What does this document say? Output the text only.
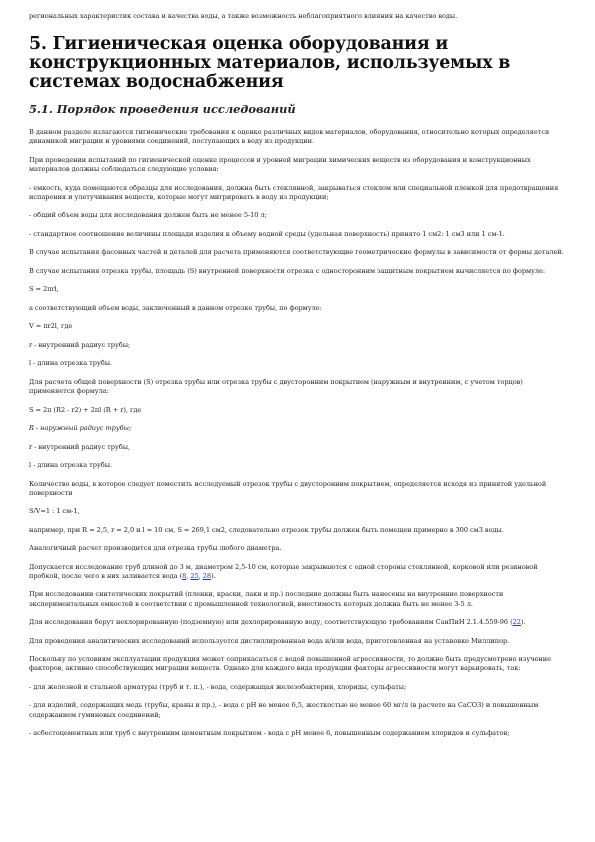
региональных характеристик состава и качества воды, а также возможность неблагоприятного влияния на качество воды.

5. Гигиеническая оценка оборудования и конструкционных материалов, используемых в системах водоснабжения
5.1. Порядок проведения исследований

В данном разделе излагаются гигиенические требования к оценке различных видов материалов, оборудования, относительно которых определяется динамикой миграции и уровнями соединений, поступающих в воду из продукции.

При проведении испытаний по гигиенической оценке процессов и уровней миграции химических веществ из оборудования и конструкционных материалов должны соблюдаться следующие условия:

- емкость, куда помещаются образцы для исследования, должна быть стеклянной, закрываться стеклом или специальной пленкой для предотвращения испарения и улетучивания веществ, которые могут мигрировать в воду из продукции;

- общий объем воды для исследования должен быть не менее 5-10 л;

- стандартное соотношение величины площади изделия к объему водной среды (удельная поверхность) принято 1 см2: 1 см3 или 1 см-1.

В случае испытания фасонных частей и деталей для расчета применяются соответствующие геометрические формулы в зависимости от формы деталей.

В случае испытания отрезка трубы, площадь (S) внутренней поверхности отрезка с односторонним защитным покрытием вычисляется по формуле:

S = 2πrl,

а соответствующий объем воды, заключенный в данном отрезке трубы, по формуле:

V = πr2l, где

r - внутренний радиус трубы;

l - длина отрезка трубы.

Для расчета общей поверхности (S) отрезка трубы или отрезка трубы с двусторонним покрытием (наружным и внутренним, с учетом торцов) применяется формула:

S = 2π (R2 - r2) + 2πl (R + r), где

R - наружный радиус трубы;

r - внутренний радиус трубы,

l - длина отрезка трубы.

Количество воды, в которое следует поместить исследуемый отрезок трубы с двусторонним покрытием, определяется исходя из принятой удельной поверхности

S/V=1 : 1 см-1,

например, при R = 2,5, r = 2,0 и l = 10 см, S = 269,1 см2, следовательно отрезок трубы должен быть помещен примерно в 300 см3 воды.

Аналогичный расчет производится для отрезка трубы любого диаметра.

Допускается исследование труб длиной до 3 м, диаметром 2,5-10 см, которые закрываются с одной стороны стеклянной, корковой или резиновой пробкой, после чего в них заливается вода (8, 25, 28).

При исследовании синтетических покрытий (пленки, краски, лаки и пр.) последние должны быть нанесены на внутренние поверхности экспериментальных емкостей в соответствии с промышленной технологией, вместимость которых должна быть не менее 3-5 л.

Для исследования берут нехлорированную (подземную) или дехлорированную воду, соответствующую требованиям СанПиН 2.1.4.559-96 (22).

Для проведения аналитических исследований используется дистиллированная вода и/или вода, приготовленная на установке Миллипор.

Поскольку по условиям эксплуатации продукция может соприкасаться с водой повышенной агрессивности, то должно быть предусмотрено изучение факторов, активно способствующих миграции веществ. Однако для каждого вида продукции факторы агрессивности могут варьировать, так:

- для железной и стальной арматуры (труб и т. п.), - вода, содержащая железобактерии, хлориды, сульфаты;

- для изделий, содержащих медь (трубы, краны и пр.), - вода с рН не менее 6,5, жесткостью не менее 60 мг/л (в расчете на CaCO3) и повышенным содержанием гуминовых соединений;

- асбестоцементных или труб с внутренним цементным покрытием - вода с рН менее 6, повышенным содержанием хлоридов и сульфатов;
